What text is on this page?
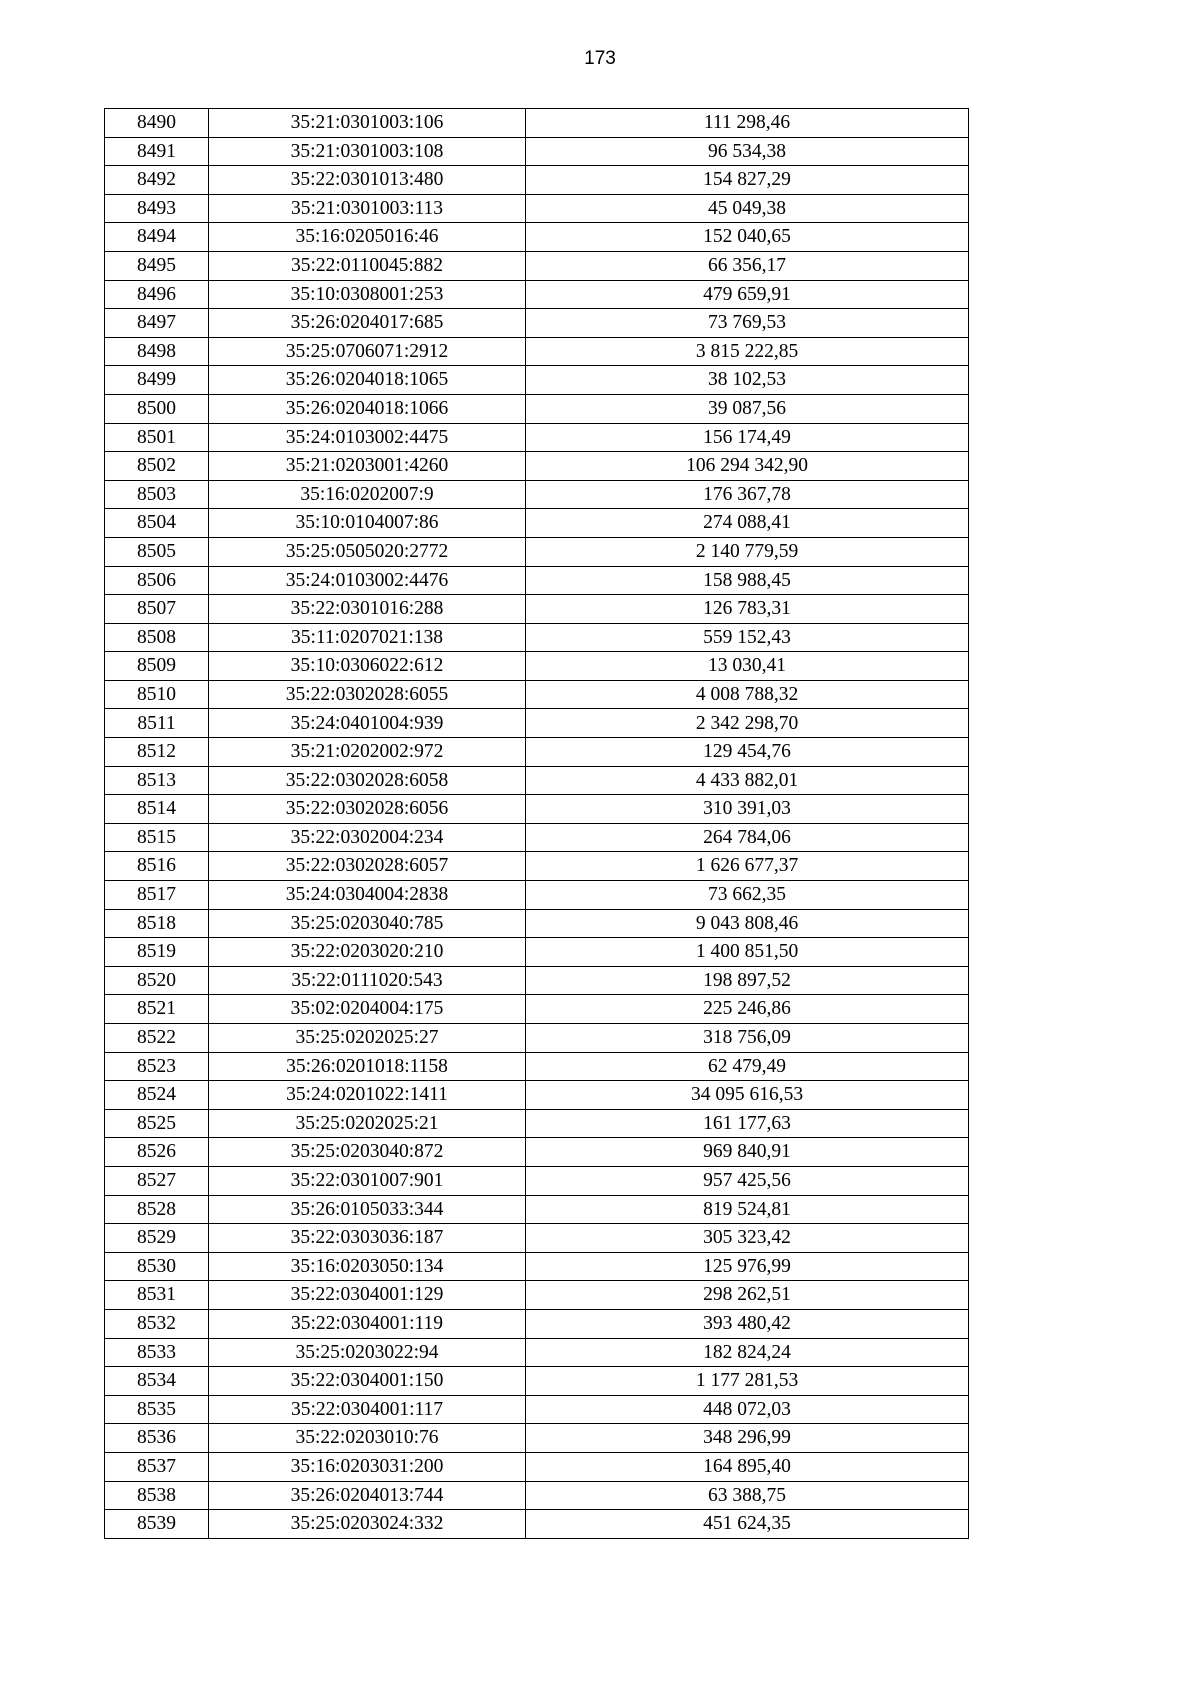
173
8490	35:21:0301003:106	111 298,46
8491	35:21:0301003:108	96 534,38
8492	35:22:0301013:480	154 827,29
8493	35:21:0301003:113	45 049,38
8494	35:16:0205016:46	152 040,65
8495	35:22:0110045:882	66 356,17
8496	35:10:0308001:253	479 659,91
8497	35:26:0204017:685	73 769,53
8498	35:25:0706071:2912	3 815 222,85
8499	35:26:0204018:1065	38 102,53
8500	35:26:0204018:1066	39 087,56
8501	35:24:0103002:4475	156 174,49
8502	35:21:0203001:4260	106 294 342,90
8503	35:16:0202007:9	176 367,78
8504	35:10:0104007:86	274 088,41
8505	35:25:0505020:2772	2 140 779,59
8506	35:24:0103002:4476	158 988,45
8507	35:22:0301016:288	126 783,31
8508	35:11:0207021:138	559 152,43
8509	35:10:0306022:612	13 030,41
8510	35:22:0302028:6055	4 008 788,32
8511	35:24:0401004:939	2 342 298,70
8512	35:21:0202002:972	129 454,76
8513	35:22:0302028:6058	4 433 882,01
8514	35:22:0302028:6056	310 391,03
8515	35:22:0302004:234	264 784,06
8516	35:22:0302028:6057	1 626 677,37
8517	35:24:0304004:2838	73 662,35
8518	35:25:0203040:785	9 043 808,46
8519	35:22:0203020:210	1 400 851,50
8520	35:22:0111020:543	198 897,52
8521	35:02:0204004:175	225 246,86
8522	35:25:0202025:27	318 756,09
8523	35:26:0201018:1158	62 479,49
8524	35:24:0201022:1411	34 095 616,53
8525	35:25:0202025:21	161 177,63
8526	35:25:0203040:872	969 840,91
8527	35:22:0301007:901	957 425,56
8528	35:26:0105033:344	819 524,81
8529	35:22:0303036:187	305 323,42
8530	35:16:0203050:134	125 976,99
8531	35:22:0304001:129	298 262,51
8532	35:22:0304001:119	393 480,42
8533	35:25:0203022:94	182 824,24
8534	35:22:0304001:150	1 177 281,53
8535	35:22:0304001:117	448 072,03
8536	35:22:0203010:76	348 296,99
8537	35:16:0203031:200	164 895,40
8538	35:26:0204013:744	63 388,75
8539	35:25:0203024:332	451 624,35
